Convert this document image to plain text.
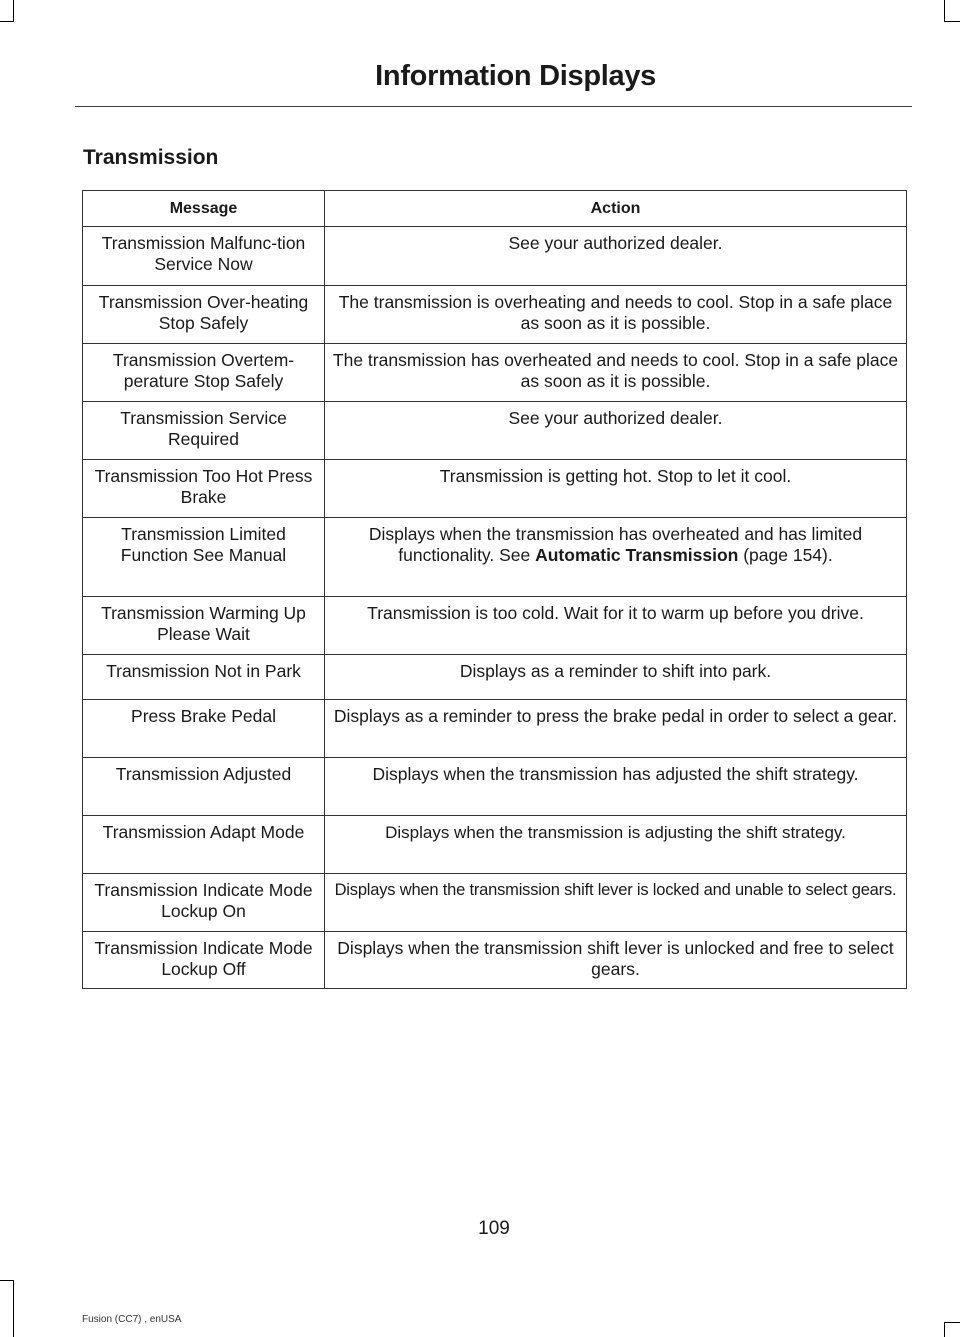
Information Displays
Transmission
Message	Action
Transmission Malfunc-tion Service Now	See your authorized dealer.
Transmission Over-heating Stop Safely	The transmission is overheating and needs to cool. Stop in a safe place as soon as it is possible.
Transmission Overtem-perature Stop Safely	The transmission has overheated and needs to cool. Stop in a safe place as soon as it is possible.
Transmission Service Required	See your authorized dealer.
Transmission Too Hot Press Brake	Transmission is getting hot. Stop to let it cool.
Transmission Limited Function See Manual	Displays when the transmission has overheated and has limited functionality. See Automatic Transmission (page 154).
Transmission Warming Up Please Wait	Transmission is too cold. Wait for it to warm up before you drive.
Transmission Not in Park	Displays as a reminder to shift into park.
Press Brake Pedal	Displays as a reminder to press the brake pedal in order to select a gear.
Transmission Adjusted	Displays when the transmission has adjusted the shift strategy.
Transmission Adapt Mode	Displays when the transmission is adjusting the shift strategy.
Transmission Indicate Mode Lockup On	Displays when the transmission shift lever is locked and unable to select gears.
Transmission Indicate Mode Lockup Off	Displays when the transmission shift lever is unlocked and free to select gears.
109
Fusion (CC7) , enUSA
